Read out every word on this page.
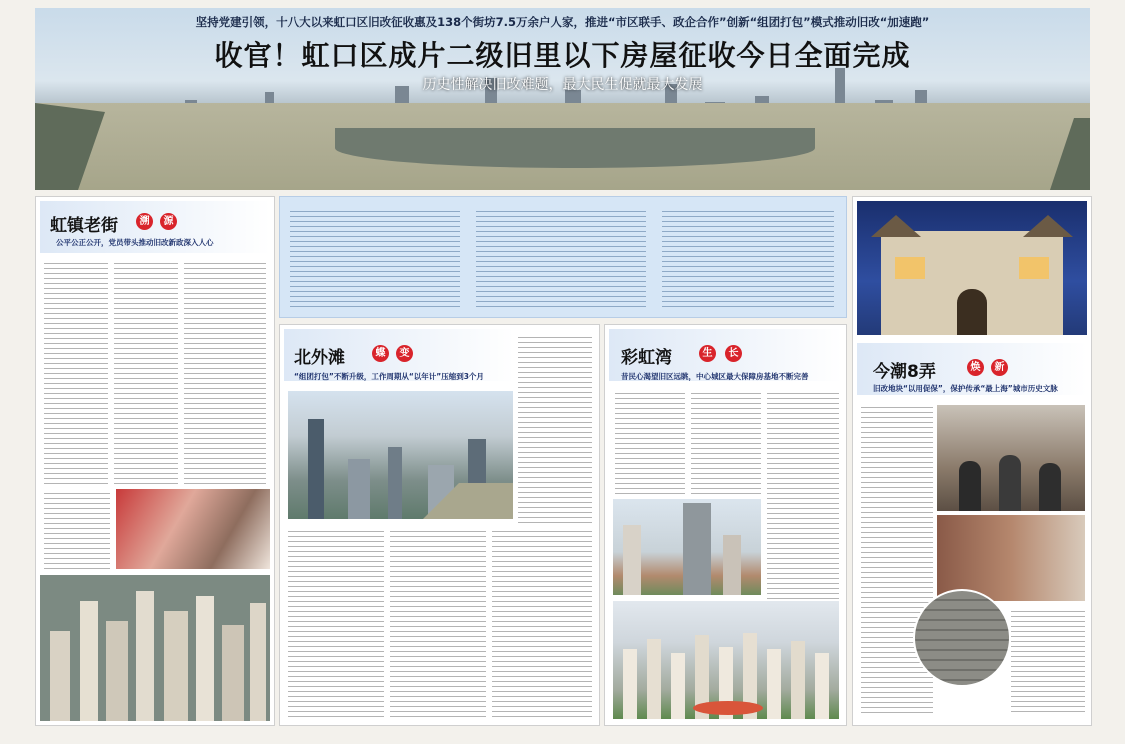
坚持党建引领，十八大以来虹口区旧改征收惠及138个街坊7.5万余户人家，推进“市区联手、政企合作”创新“组团打包”模式推动旧改“加速跑”
收官！虹口区成片二级旧里以下房屋征收今日全面完成
历史性解决旧改难题，最大民生促就最大发展
虹镇老街	溯	源
公平公正公开，党员带头推动旧改新政深入人心
北外滩	蝶	变
“组团打包”不断升级，工作周期从“以年计”压缩到3个月
彩虹湾	生	长
昔民心渴望旧区远眺，中心城区最大保障房基地不断完善	今潮8弄	焕	新
旧改地块“以用促保”，保护传承“最上海”城市历史文脉
